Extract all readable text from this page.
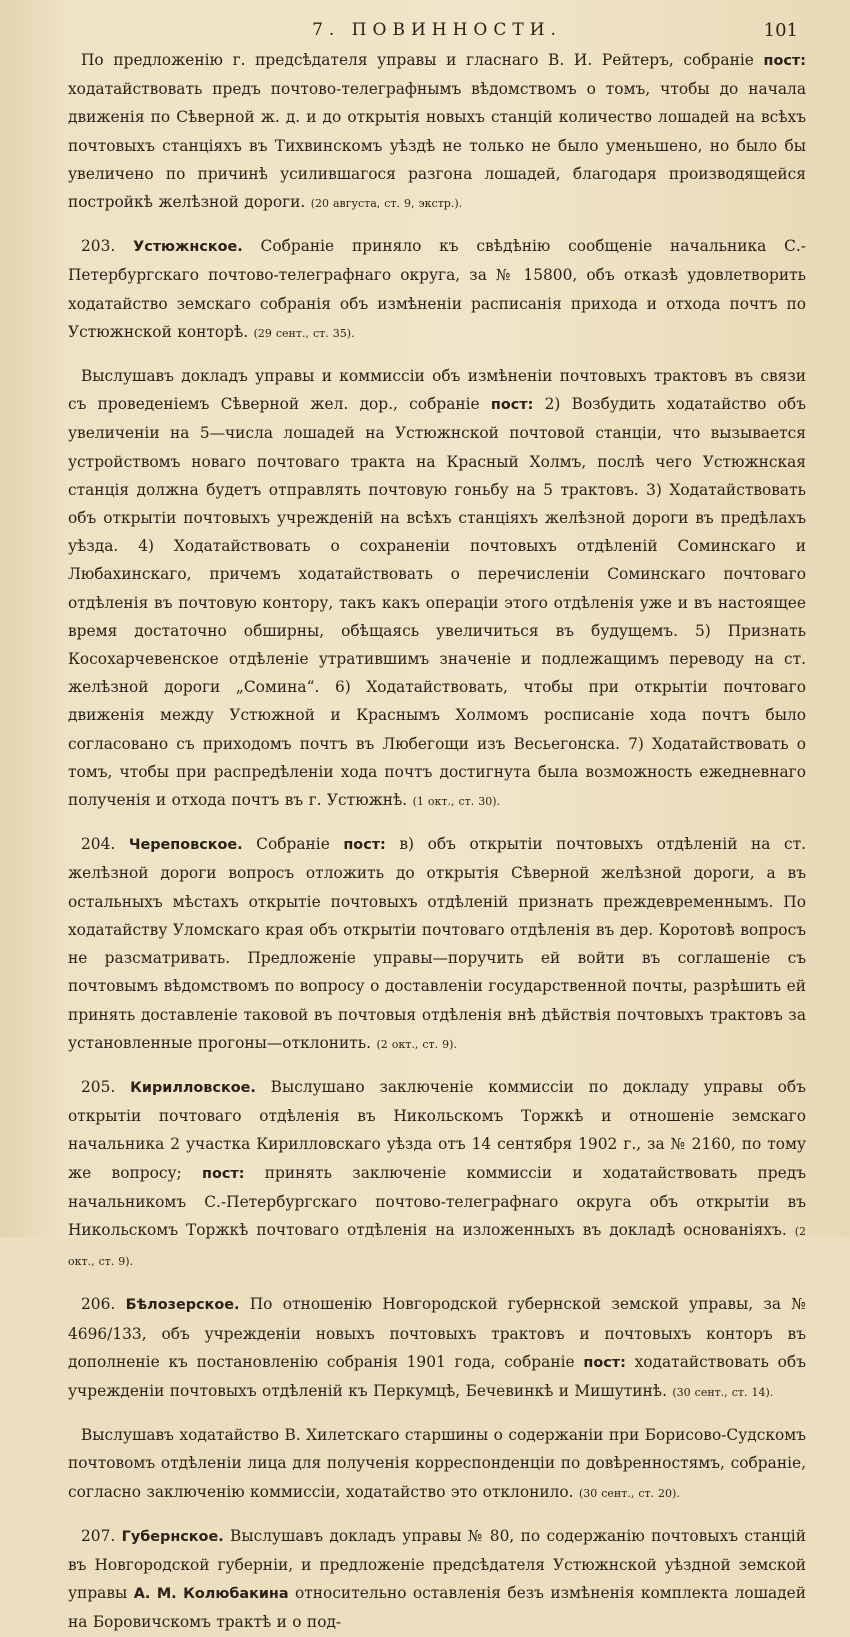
7. ПОВИННОСТИ.	101

По предложенію г. предсѣдателя управы и гласнаго В. И. Рейтеръ, собраніе пост: ходатайствовать предъ почтово-телеграфнымъ вѣдомствомъ о томъ, чтобы до начала движенія по Сѣверной ж. д. и до открытія новыхъ станцій количество лошадей на всѣхъ почтовыхъ станціяхъ въ Тихвинскомъ уѣздѣ не только не было уменьшено, но было бы увеличено по причинѣ усилившагося разгона лошадей, благодаря производящейся постройкѣ желѣзной дороги. (20 августа, ст. 9, экстр.).

203. Устюжнское. Собраніе приняло къ свѣдѣнію сообщеніе начальника С.-Петербургскаго почтово-телеграфнаго округа, за № 15800, объ отказѣ удовлетворить ходатайство земскаго собранія объ измѣненіи расписанія прихода и отхода почтъ по Устюжнской конторѣ. (29 сент., ст. 35).

Выслушавъ докладъ управы и коммиссіи объ измѣненіи почтовыхъ трактовъ въ связи съ проведеніемъ Сѣверной жел. дор., собраніе пост: 2) Возбудить ходатайство объ увеличеніи на 5—числа лошадей на Устюжнской почтовой станціи, что вызывается устройствомъ новаго почтоваго тракта на Красный Холмъ, послѣ чего Устюжнская станція должна будетъ отправлять почтовую гоньбу на 5 трактовъ. 3) Ходатайствовать объ открытіи почтовыхъ учрежденій на всѣхъ станціяхъ желѣзной дороги въ предѣлахъ уѣзда. 4) Ходатайствовать о сохраненіи почтовыхъ отдѣленій Соминскаго и Любахинскаго, причемъ ходатайствовать о перечисленіи Соминскаго почтоваго отдѣленія въ почтовую контору, такъ какъ операціи этого отдѣленія уже и въ настоящее время достаточно обширны, обѣщаясь увеличиться въ будущемъ. 5) Признать Косохарчевенское отдѣленіе утратившимъ значеніе и подлежащимъ переводу на ст. желѣзной дороги „Сомина“. 6) Ходатайствовать, чтобы при открытіи почтоваго движенія между Устюжной и Краснымъ Холмомъ росписаніе хода почтъ было согласовано съ приходомъ почтъ въ Любегощи изъ Весьегонска. 7) Ходатайствовать о томъ, чтобы при распредѣленіи хода почтъ достигнута была возможность ежедневнаго полученія и отхода почтъ въ г. Устюжнѣ. (1 окт., ст. 30).

204. Череповское. Собраніе пост: в) объ открытіи почтовыхъ отдѣленій на ст. желѣзной дороги вопросъ отложить до открытія Сѣверной желѣзной дороги, а въ остальныхъ мѣстахъ открытіе почтовыхъ отдѣленій признать преждевременнымъ. По ходатайству Уломскаго края объ открытіи почтоваго отдѣленія въ дер. Коротовѣ вопросъ не разсматривать. Предложеніе управы—поручить ей войти въ соглашеніе съ почтовымъ вѣдомствомъ по вопросу о доставленіи государственной почты, разрѣшить ей принять доставленіе таковой въ почтовыя отдѣленія внѣ дѣйствія почтовыхъ трактовъ за установленные прогоны—отклонить. (2 окт., ст. 9).

205. Кирилловское. Выслушано заключеніе коммиссіи по докладу управы объ открытіи почтоваго отдѣленія въ Никольскомъ Торжкѣ и отношеніе земскаго начальника 2 участка Кирилловскаго уѣзда отъ 14 сентября 1902 г., за № 2160, по тому же вопросу; пост: принять заключеніе коммиссіи и ходатайствовать предъ начальникомъ С.-Петербургскаго почтово-телеграфнаго округа объ открытіи въ Никольскомъ Торжкѣ почтоваго отдѣленія на изложенныхъ въ докладѣ основаніяхъ. (2 окт., ст. 9).

206. Бѣлозерское. По отношенію Новгородской губернской земской управы, за № 4696/133, объ учрежденіи новыхъ почтовыхъ трактовъ и почтовыхъ конторъ въ дополненіе къ постановленію собранія 1901 года, собраніе пост: ходатайствовать объ учрежденіи почтовыхъ отдѣленій къ Перкумцѣ, Бечевинкѣ и Мишутинѣ. (30 сент., ст. 14).

Выслушавъ ходатайство В. Хилетскаго старшины о содержаніи при Борисово-Судскомъ почтовомъ отдѣленіи лица для полученія корреспонденціи по довѣренностямъ, собраніе, согласно заключенію коммиссіи, ходатайство это отклонило. (30 сент., ст. 20).

207. Губернское. Выслушавъ докладъ управы № 80, по содержанію почтовыхъ станцій въ Новгородской губерніи, и предложеніе предсѣдателя Устюжнской уѣздной земской управы А. М. Колюбакина относительно оставленія безъ измѣненія комплекта лошадей на Боровичскомъ трактѣ и о под-
